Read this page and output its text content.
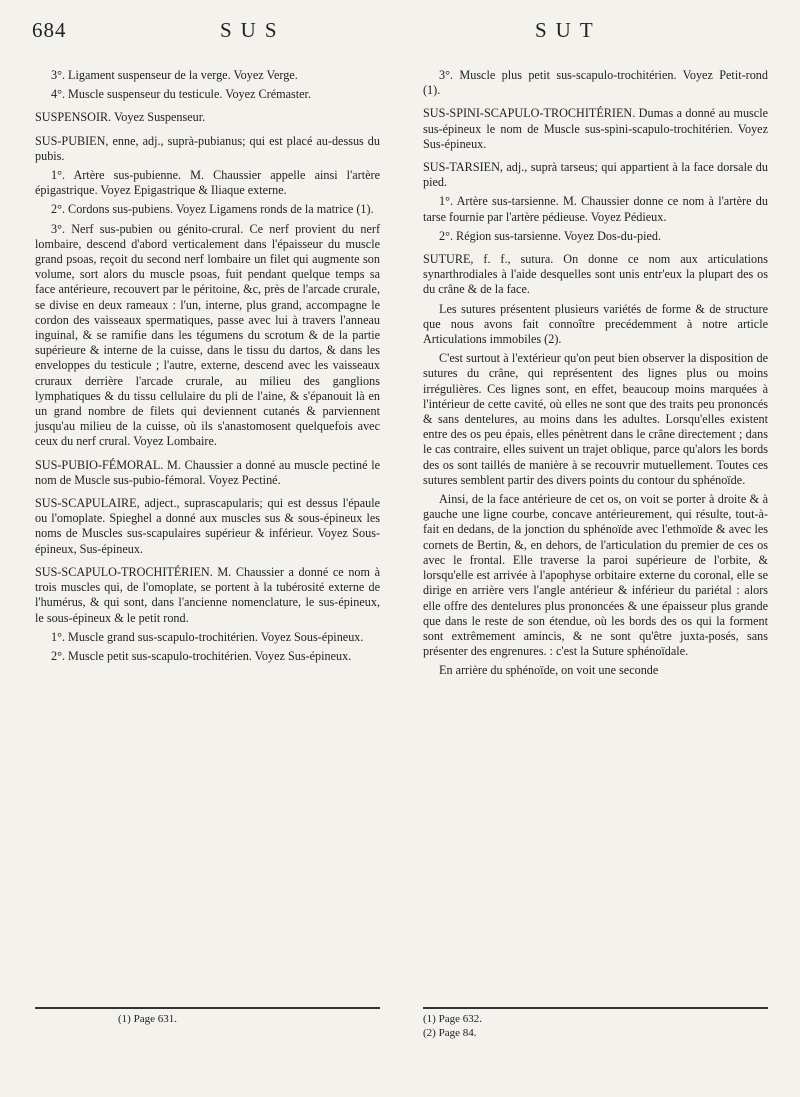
684	SUS	SUT

3°. Ligament suspenseur de la verge. Voyez Verge.

4°. Muscle suspenseur du testicule. Voyez Crémaster.

SUSPENSOIR. Voyez Suspenseur.

SUS-PUBIEN, enne, adj., suprà-pubianus; qui est placé au-dessus du pubis.

1°. Artère sus-pubienne. M. Chaussier appelle ainsi l'artère épigastrique. Voyez Epigastrique & Iliaque externe.

2°. Cordons sus-pubiens. Voyez Ligamens ronds de la matrice (1).

3°. Nerf sus-pubien ou génito-crural. Ce nerf provient du nerf lombaire, descend d'abord verticalement dans l'épaisseur du muscle grand psoas, reçoit du second nerf lombaire un filet qui augmente son volume, sort alors du muscle psoas, fuit pendant quelque temps sa face antérieure, recouvert par le péritoine, &c, près de l'arcade crurale, se divise en deux rameaux : l'un, interne, plus grand, accompagne le cordon des vaisseaux spermatiques, passe avec lui à travers l'anneau inguinal, & se ramifie dans les tégumens du scrotum & de la partie supérieure & interne de la cuisse, dans le tissu du dartos, & dans les enveloppes du testicule ; l'autre, externe, descend avec les vaisseaux cruraux derrière l'arcade crurale, au milieu des ganglions lymphatiques & du tissu cellulaire du pli de l'aine, & s'épanouit là en un grand nombre de filets qui deviennent cutanés & parviennent jusqu'au milieu de la cuisse, où ils s'anastomosent quelquefois avec ceux du nerf crural. Voyez Lombaire.

SUS-PUBIO-FÉMORAL. M. Chaussier a donné au muscle pectiné le nom de Muscle sus-pubio-fémoral. Voyez Pectiné.

SUS-SCAPULAIRE, adject., suprascapularis; qui est dessus l'épaule ou l'omoplate. Spieghel a donné aux muscles sus & sous-épineux les noms de Muscles sus-scapulaires supérieur & inférieur. Voyez Sous-épineux, Sus-épineux.

SUS-SCAPULO-TROCHITÉRIEN. M. Chaussier a donné ce nom à trois muscles qui, de l'omoplate, se portent à la tubérosité externe de l'humérus, & qui sont, dans l'ancienne nomenclature, le sus-épineux, le sous-épineux & le petit rond.

1°. Muscle grand sus-scapulo-trochitérien. Voyez Sous-épineux.

2°. Muscle petit sus-scapulo-trochitérien. Voyez Sus-épineux.

3°. Muscle plus petit sus-scapulo-trochitérien. Voyez Petit-rond (1).

SUS-SPINI-SCAPULO-TROCHITÉRIEN. Dumas a donné au muscle sus-épineux le nom de Muscle sus-spini-scapulo-trochitérien. Voyez Sus-épineux.

SUS-TARSIEN, adj., suprà tarseus; qui appartient à la face dorsale du pied.

1°. Artère sus-tarsienne. M. Chaussier donne ce nom à l'artère du tarse fournie par l'artère pédieuse. Voyez Pédieux.

2°. Région sus-tarsienne. Voyez Dos-du-pied.

SUTURE, f. f., sutura. On donne ce nom aux articulations synarthrodiales à l'aide desquelles sont unis entr'eux la plupart des os du crâne & de la face.

Les sutures présentent plusieurs variétés de forme & de structure que nous avons fait connoître precédemment à notre article Articulations immobiles (2).

C'est surtout à l'extérieur qu'on peut bien observer la disposition de sutures du crâne, qui représentent des lignes plus ou moins irrégulières. Ces lignes sont, en effet, beaucoup moins marquées à l'intérieur de cette cavité, où elles ne sont que des traits peu prononcés & sans dentelures, au moins dans les adultes. Lorsqu'elles existent entre des os peu épais, elles pénètrent dans le crâne directement ; dans le cas contraire, elles suivent un trajet oblique, parce qu'alors les bords des os sont taillés de manière à se recouvrir mutuellement. Toutes ces sutures semblent partir des divers points du contour du sphénoïde.

Ainsi, de la face antérieure de cet os, on voit se porter à droite & à gauche une ligne courbe, concave antérieurement, qui résulte, tout-à-fait en dedans, de la jonction du sphénoïde avec l'ethmoïde & avec les cornets de Bertin, &, en dehors, de l'articulation du premier de ces os avec le frontal. Elle traverse la paroi supérieure de l'orbite, & lorsqu'elle est arrivée à l'apophyse orbitaire externe du coronal, elle se dirige en arrière vers l'angle antérieur & inférieur du pariétal : alors elle offre des dentelures plus prononcées & une épaisseur plus grande que dans le reste de son étendue, où les bords des os qui la forment sont extrêmement amincis, & ne sont qu'être juxta-posés, sans présenter des engrenures. : c'est la Suture sphénoïdale.

En arrière du sphénoïde, on voit une seconde

(1) Page 631.	(1) Page 632.
(2) Page 84.
